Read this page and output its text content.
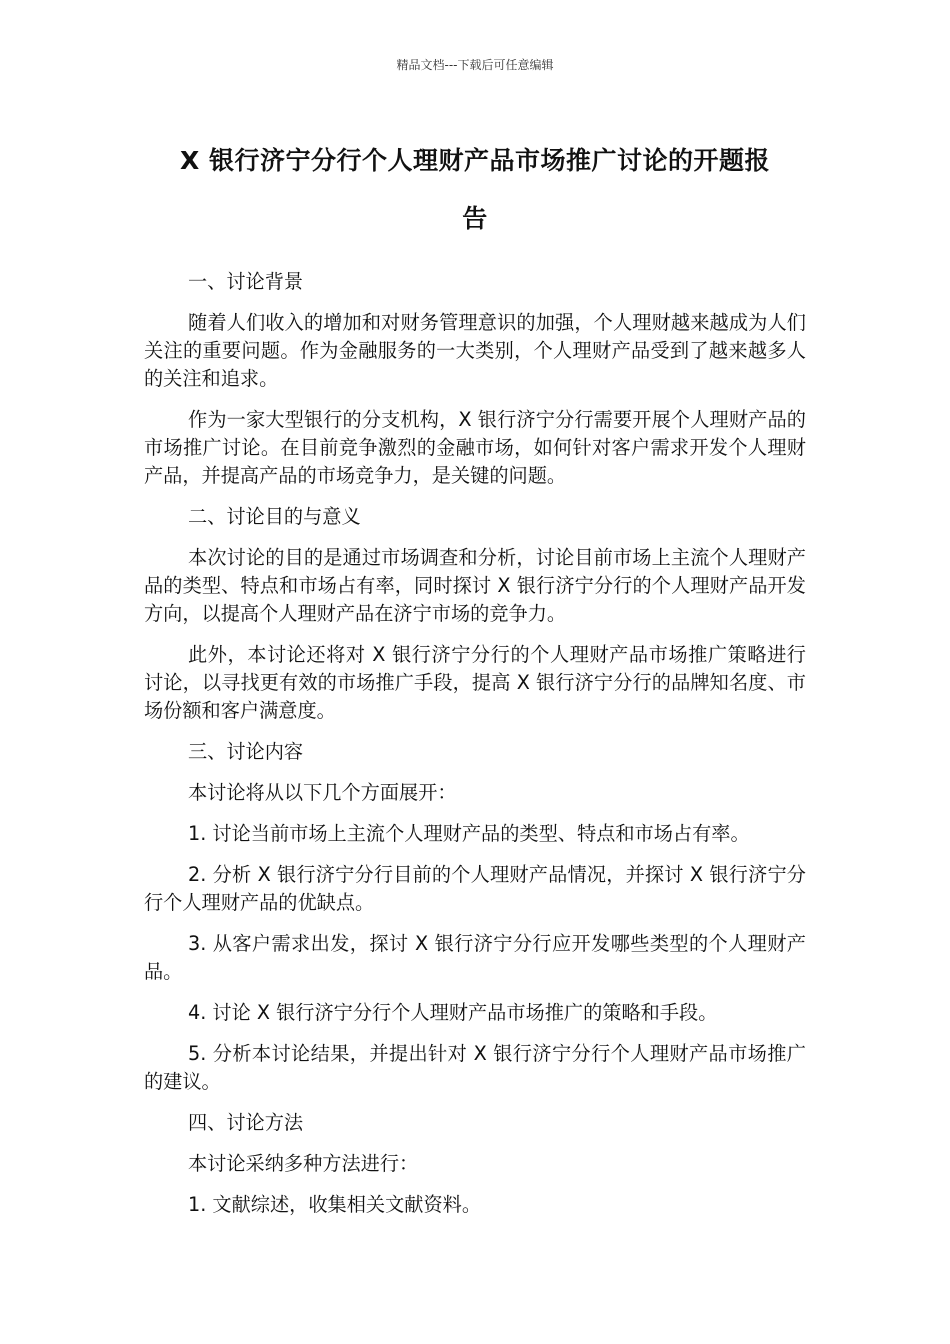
精品文档---下载后可任意编辑
X 银行济宁分行个人理财产品市场推广讨论的开题报
告

一、讨论背景

随着人们收入的增加和对财务管理意识的加强，个人理财越来越成为人们关注的重要问题。作为金融服务的一大类别，个人理财产品受到了越来越多人的关注和追求。

作为一家大型银行的分支机构，X 银行济宁分行需要开展个人理财产品的市场推广讨论。在目前竞争激烈的金融市场，如何针对客户需求开发个人理财产品，并提高产品的市场竞争力，是关键的问题。

二、讨论目的与意义

本次讨论的目的是通过市场调查和分析，讨论目前市场上主流个人理财产品的类型、特点和市场占有率，同时探讨 X 银行济宁分行的个人理财产品开发方向，以提高个人理财产品在济宁市场的竞争力。

此外，本讨论还将对 X 银行济宁分行的个人理财产品市场推广策略进行讨论，以寻找更有效的市场推广手段，提高 X 银行济宁分行的品牌知名度、市场份额和客户满意度。

三、讨论内容

本讨论将从以下几个方面展开：

1. 讨论当前市场上主流个人理财产品的类型、特点和市场占有率。

2. 分析 X 银行济宁分行目前的个人理财产品情况，并探讨 X 银行济宁分行个人理财产品的优缺点。

3. 从客户需求出发，探讨 X 银行济宁分行应开发哪些类型的个人理财产品。

4. 讨论 X 银行济宁分行个人理财产品市场推广的策略和手段。

5. 分析本讨论结果，并提出针对 X 银行济宁分行个人理财产品市场推广的建议。

四、讨论方法

本讨论采纳多种方法进行：

1. 文献综述，收集相关文献资料。
